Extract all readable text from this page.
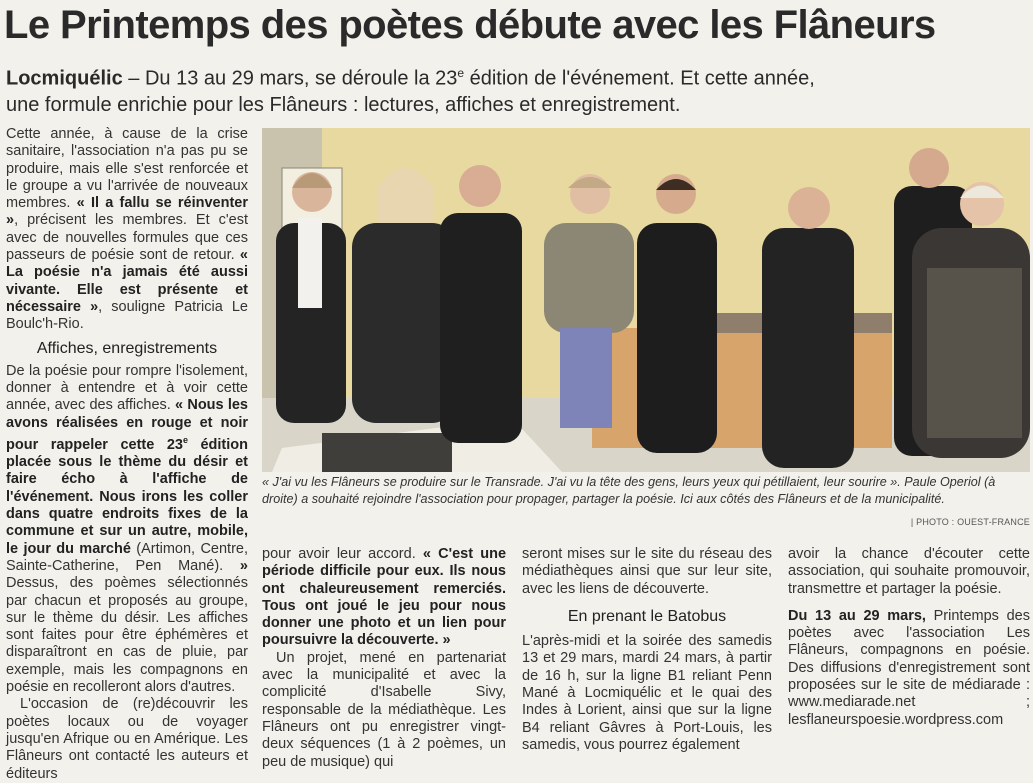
Le Printemps des poètes débute avec les Flâneurs
Locmiquélic – Du 13 au 29 mars, se déroule la 23e édition de l'événement. Et cette année, une formule enrichie pour les Flâneurs : lectures, affiches et enregistrement.

Cette année, à cause de la crise sanitaire, l'association n'a pas pu se produire, mais elle s'est renforcée et le groupe a vu l'arrivée de nouveaux membres. « Il a fallu se réinventer », précisent les membres. Et c'est avec de nouvelles formules que ces passeurs de poésie sont de retour. « La poésie n'a jamais été aussi vivante. Elle est présente et nécessaire », souligne Patricia Le Boulc'h-Rio.

Affiches, enregistrements

De la poésie pour rompre l'isolement, donner à entendre et à voir cette année, avec des affiches. « Nous les avons réalisées en rouge et noir pour rappeler cette 23e édition placée sous le thème du désir et faire écho à l'affiche de l'événement. Nous irons les coller dans quatre endroits fixes de la commune et sur un autre, mobile, le jour du marché (Artimon, Centre, Sainte-Catherine, Pen Mané). » Dessus, des poèmes sélectionnés par chacun et proposés au groupe, sur le thème du désir. Les affiches sont faites pour être éphémères et disparaîtront en cas de pluie, par exemple, mais les compagnons en poésie en recolleront alors d'autres.

L'occasion de (re)découvrir les poètes locaux ou de voyager jusqu'en Afrique ou en Amérique. Les Flâneurs ont contacté les auteurs et éditeurs

« J'ai vu les Flâneurs se produire sur le Transrade. J'ai vu la tête des gens, leurs yeux qui pétillaient, leur sourire ». Paule Operiol (à droite) a souhaité rejoindre l'association pour propager, partager la poésie. Ici aux côtés des Flâneurs et de la municipalité.
| PHOTO : OUEST-FRANCE

pour avoir leur accord. « C'est une période difficile pour eux. Ils nous ont chaleureusement remerciés. Tous ont joué le jeu pour nous donner une photo et un lien pour poursuivre la découverte. »

Un projet, mené en partenariat avec la municipalité et avec la complicité d'Isabelle Sivy, responsable de la médiathèque. Les Flâneurs ont pu enregistrer vingt-deux séquences (1 à 2 poèmes, un peu de musique) qui

seront mises sur le site du réseau des médiathèques ainsi que sur leur site, avec les liens de découverte.

En prenant le Batobus

L'après-midi et la soirée des samedis 13 et 29 mars, mardi 24 mars, à partir de 16 h, sur la ligne B1 reliant Penn Mané à Locmiquélic et le quai des Indes à Lorient, ainsi que sur la ligne B4 reliant Gâvres à Port-Louis, les samedis, vous pourrez également

avoir la chance d'écouter cette association, qui souhaite promouvoir, transmettre et partager la poésie.

Du 13 au 29 mars, Printemps des poètes avec l'association Les Flâneurs, compagnons en poésie. Des diffusions d'enregistrement sont proposées sur le site de médiarade : www.mediarade.net ; lesflaneurspoesie.wordpress.com
